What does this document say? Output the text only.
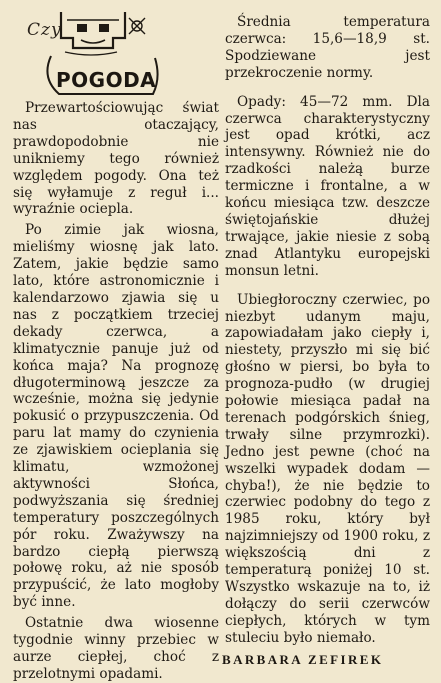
Czy
POGODA

Przewartościowując świat nas otaczający, prawdopodobnie nie unikniemy tego również względem pogody. Ona też się wyłamuje z reguł i... wyraźnie ociepla.

Po zimie jak wiosna, mieliśmy wiosnę jak lato. Zatem, jakie będzie samo lato, które astronomicznie i kalendarzowo zjawia się u nas z początkiem trzeciej dekady czerwca, a klimatycznie panuje już od końca maja? Na prognozę długoterminową jeszcze za wcześnie, można się jedynie pokusić o przypuszczenia. Od paru lat mamy do czynienia ze zjawiskiem ocieplania się klimatu, wzmożonej aktywności Słońca, podwyższania się średniej temperatury poszczególnych pór roku. Zważywszy na bardzo ciepłą pierwszą połowę roku, aż nie sposób przypuścić, że lato mogłoby być inne.

Ostatnie dwa wiosenne tygodnie winny przebiec w aurze ciepłej, choć z przelotnymi opadami.

Średnia temperatura czerwca: 15,6—18,9 st. Spodziewane jest przekroczenie normy.

Opady: 45—72 mm. Dla czerwca charakterystyczny jest opad krótki, acz intensywny. Również nie do rzadkości należą burze termiczne i frontalne, a w końcu miesiąca tzw. deszcze świętojańskie dłużej trwające, jakie niesie z sobą znad Atlantyku europejski monsun letni.

Ubiegłoroczny czerwiec, po niezbyt udanym maju, zapowiadałam jako ciepły i, niestety, przyszło mi się bić głośno w piersi, bo była to prognoza-pudło (w drugiej połowie miesiąca padał na terenach podgórskich śnieg, trwały silne przymrozki). Jedno jest pewne (choć na wszelki wypadek dodam — chyba!), że nie będzie to czerwiec podobny do tego z 1985 roku, który był najzimniejszy od 1900 roku, z większością dni z temperaturą poniżej 10 st. Wszystko wskazuje na to, iż dołączy do serii czerwców ciepłych, których w tym stuleciu było niemało.

BARBARA ZEFIREK
